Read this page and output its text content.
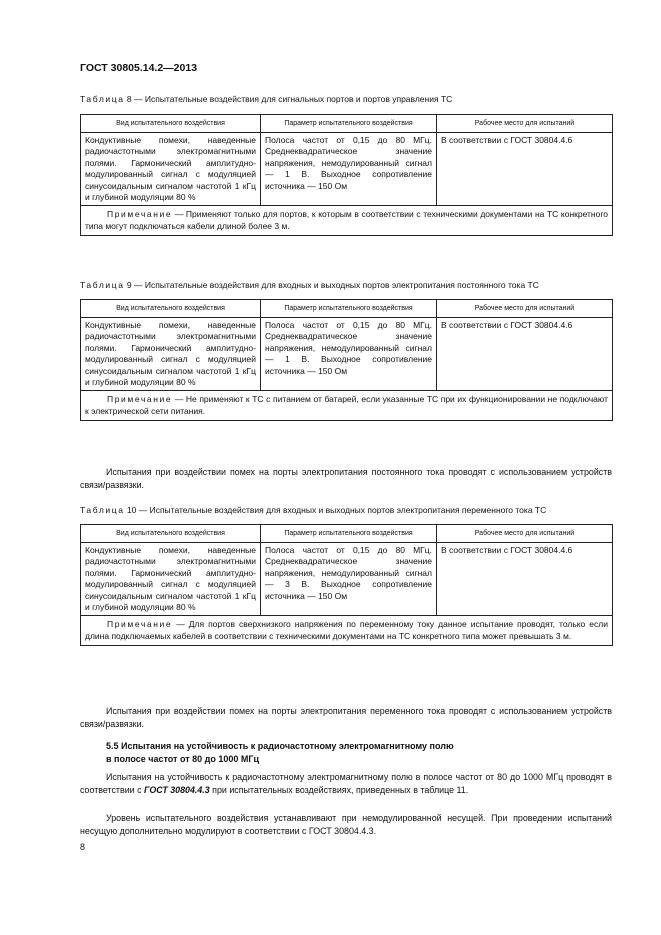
ГОСТ 30805.14.2—2013
Таблица 8 — Испытательные воздействия для сигнальных портов и портов управления ТС
Вид испытательного воздействия	Параметр испытательного воздействия	Рабочее место для испытаний
Кондуктивные помехи, наведенные радиочастотными электромагнитными полями. Гармонический амплитудно-модулированный сигнал с модуляцией синусоидальным сигналом частотой 1 кГц и глубиной модуляции 80 %	Полоса частот от 0,15 до 80 МГц. Среднеквадратическое значение напряжения, немодулированный сигнал — 1 В. Выходное сопротивление источника — 150 Ом	В соответствии с ГОСТ 30804.4.6
Примечание — Применяют только для портов, к которым в соответствии с техническими документами на ТС конкретного типа могут подключаться кабели длиной более 3 м.		
Таблица 9 — Испытательные воздействия для входных и выходных портов электропитания постоянного тока ТС
Вид испытательного воздействия	Параметр испытательного воздействия	Рабочее место для испытаний
Кондуктивные помехи, наведенные радиочастотными электромагнитными полями. Гармонический амплитудно-модулированный сигнал с модуляцией синусоидальным сигналом частотой 1 кГц и глубиной модуляции 80 %	Полоса частот от 0,15 до 80 МГц. Среднеквадратическое значение напряжения, немодулированный сигнал — 1 В. Выходное сопротивление источника — 150 Ом	В соответствии с ГОСТ 30804.4.6
Примечание — Не применяют к ТС с питанием от батарей, если указанные ТС при их функционировании не подключают к электрической сети питания.		
Испытания при воздействии помех на порты электропитания постоянного тока проводят с использованием устройств связи/развязки.
Таблица 10 — Испытательные воздействия для входных и выходных портов электропитания переменного тока ТС
Вид испытательного воздействия	Параметр испытательного воздействия	Рабочее место для испытаний
Кондуктивные помехи, наведенные радиочастотными электромагнитными полями. Гармонический амплитудно-модулированный сигнал с модуляцией синусоидальным сигналом частотой 1 кГц и глубиной модуляции 80 %	Полоса частот от 0,15 до 80 МГц. Среднеквадратическое значение напряжения, немодулированный сигнал — 3 В. Выходное сопротивление источника — 150 Ом	В соответствии с ГОСТ 30804.4.6
Примечание — Для портов сверхнизкого напряжения по переменному току данное испытание проводят, только если длина подключаемых кабелей в соответствии с техническими документами на ТС конкретного типа может превышать 3 м.		
Испытания при воздействии помех на порты электропитания переменного тока проводят с использованием устройств связи/развязки.
5.5 Испытания на устойчивость к радиочастотному электромагнитному полю
в полосе частот от 80 до 1000 МГц
Испытания на устойчивость к радиочастотному электромагнитному полю в полосе частот от 80 до 1000 МГц проводят в соответствии с ГОСТ 30804.4.3 при испытательных воздействиях, приведенных в таблице 11.
Уровень испытательного воздействия устанавливают при немодулированной несущей. При проведении испытаний несущую дополнительно модулируют в соответствии с ГОСТ 30804.4.3.
8
